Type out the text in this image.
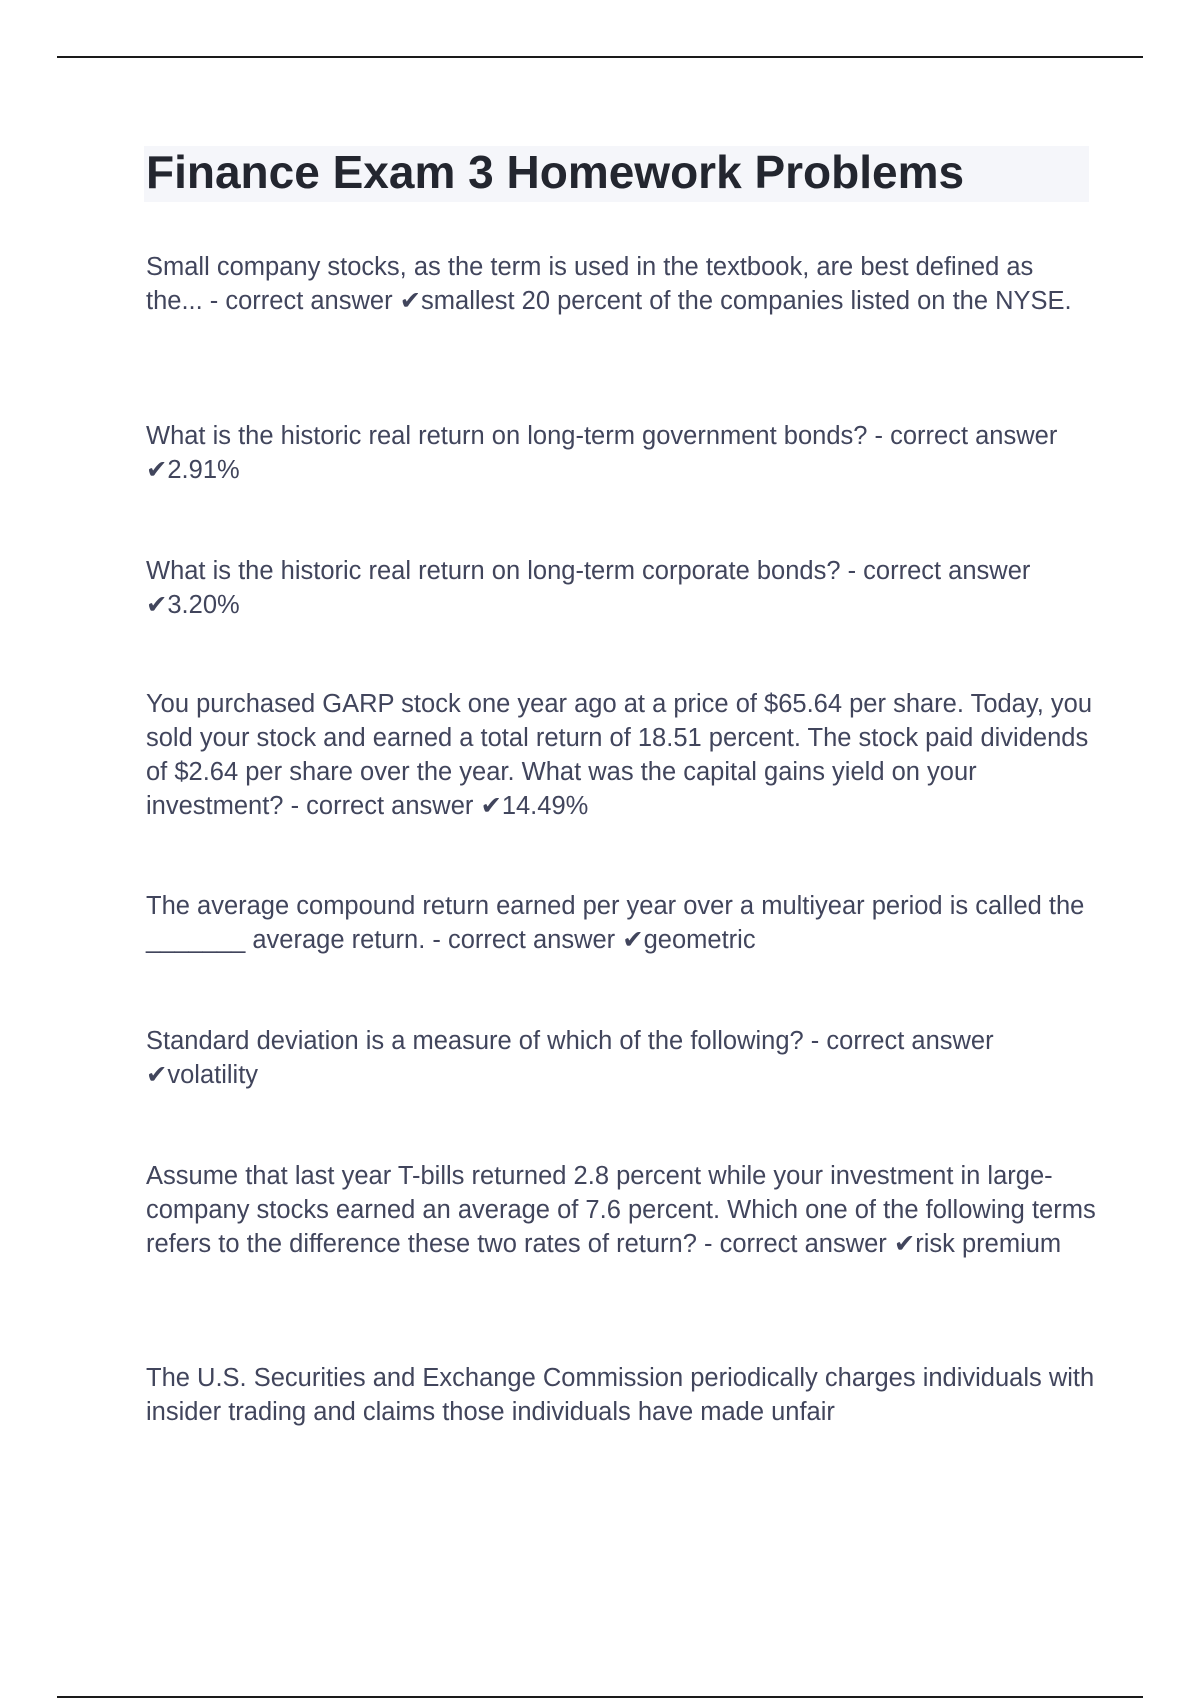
Finance Exam 3 Homework Problems

Small company stocks, as the term is used in the textbook, are best defined as the... - correct answer ✔smallest 20 percent of the companies listed on the NYSE.

What is the historic real return on long-term government bonds? - correct answer ✔2.91%

What is the historic real return on long-term corporate bonds? - correct answer ✔3.20%

You purchased GARP stock one year ago at a price of $65.64 per share. Today, you sold your stock and earned a total return of 18.51 percent. The stock paid dividends of $2.64 per share over the year. What was the capital gains yield on your investment? - correct answer ✔14.49%

The average compound return earned per year over a multiyear period is called the _______ average return. - correct answer ✔geometric

Standard deviation is a measure of which of the following? - correct answer ✔volatility

Assume that last year T-bills returned 2.8 percent while your investment in large-company stocks earned an average of 7.6 percent. Which one of the following terms refers to the difference these two rates of return? - correct answer ✔risk premium

The U.S. Securities and Exchange Commission periodically charges individuals with insider trading and claims those individuals have made unfair
